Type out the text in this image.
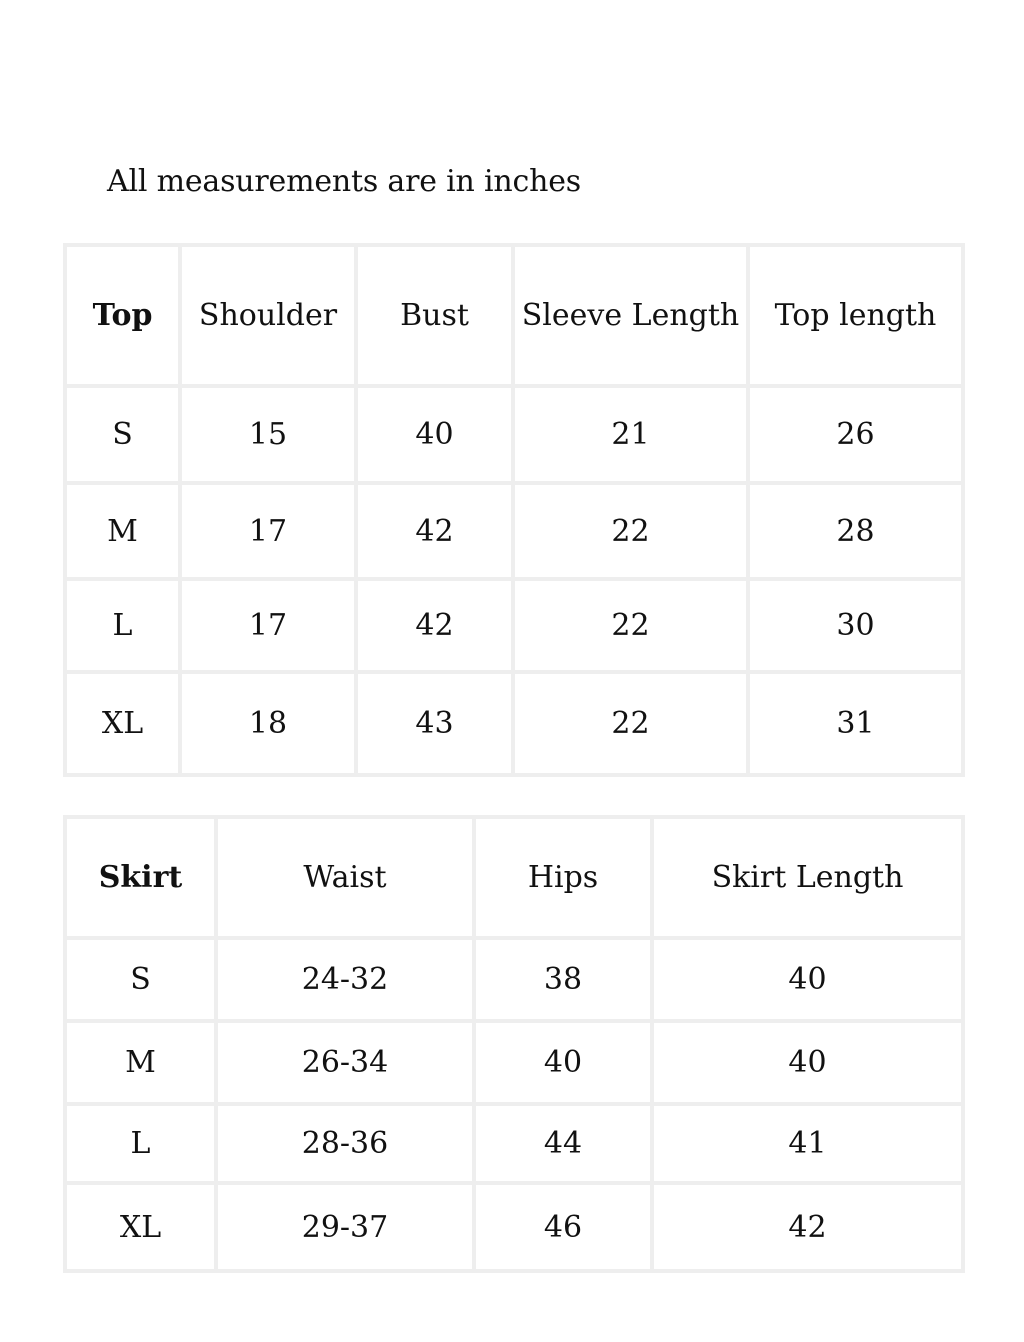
All measurements are in inches
Top	Shoulder	Bust	Sleeve Length	Top length
S	15	40	21	26
M	17	42	22	28
L	17	42	22	30
XL	18	43	22	31
Skirt	Waist	Hips	Skirt Length
S	24-32	38	40
M	26-34	40	40
L	28-36	44	41
XL	29-37	46	42
